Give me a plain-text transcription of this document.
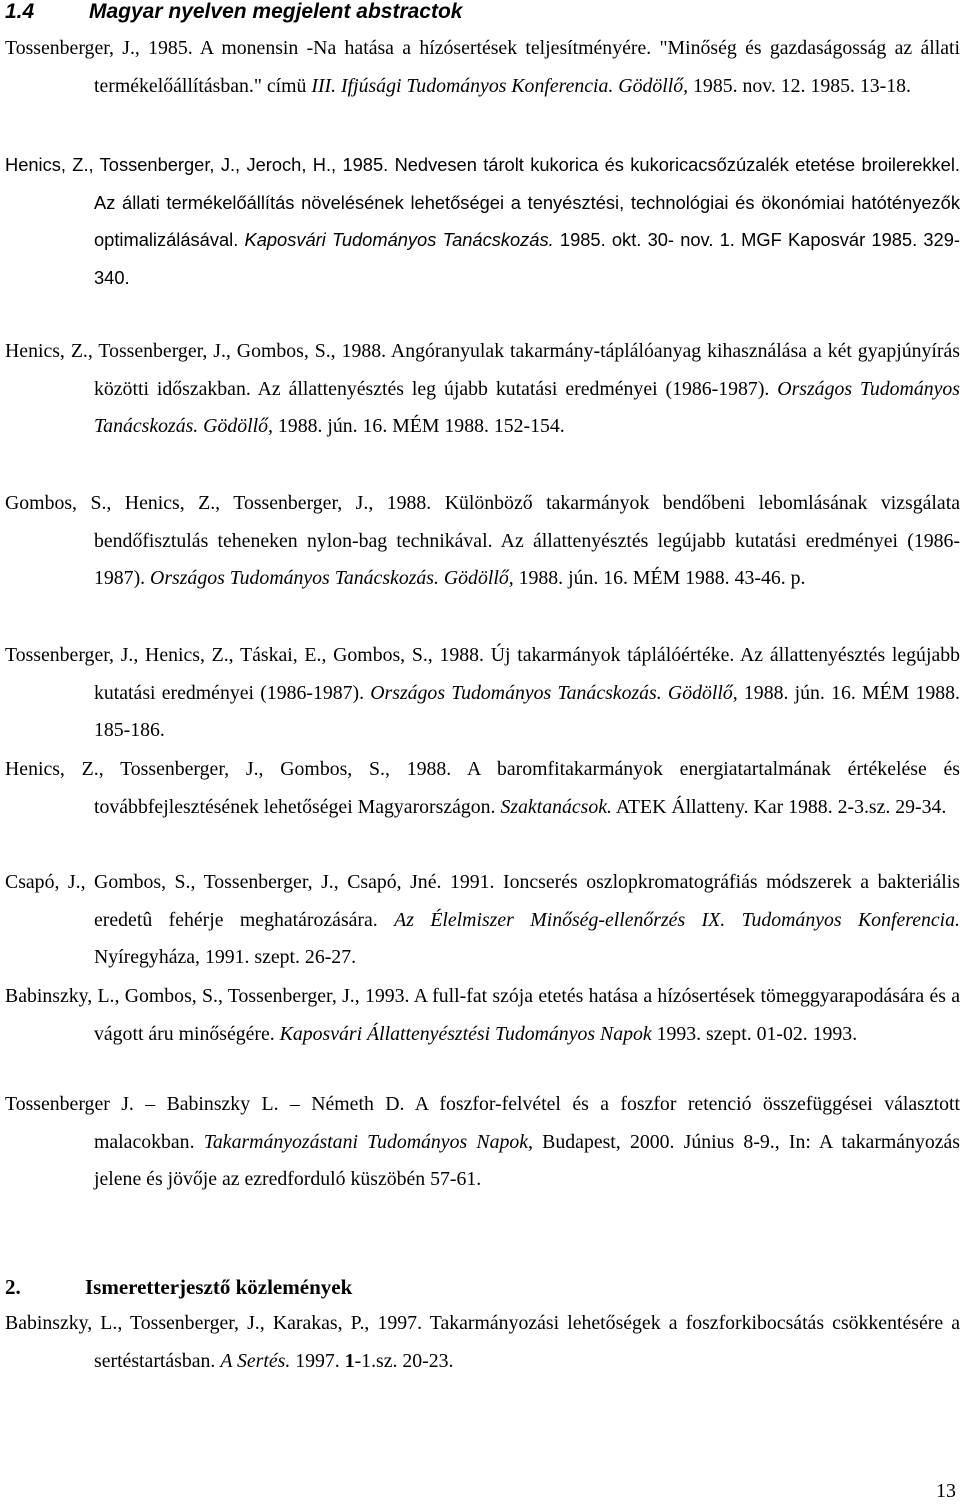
1.4	Magyar nyelven megjelent abstractok
Tossenberger, J., 1985. A monensin -Na hatása a hízósertések teljesítményére. "Minőség és gazdaságosság az állati termékelőállításban." címü III. Ifjúsági Tudományos Konferencia. Gödöllő, 1985. nov. 12. 1985. 13-18.
Henics, Z., Tossenberger, J., Jeroch, H., 1985. Nedvesen tárolt kukorica és kukoricacsőzúzalék etetése broilerekkel. Az állati termékelőállítás növelésének lehetőségei a tenyésztési, technológiai és ökonómiai hatótényezők optimalizálásával. Kaposvári Tudományos Tanácskozás. 1985. okt. 30- nov. 1. MGF Kaposvár 1985. 329-340.
Henics, Z., Tossenberger, J., Gombos, S., 1988. Angóranyulak takarmány-táplálóanyag kihasználása a két gyapjúnyírás közötti időszakban. Az állattenyésztés leg újabb kutatási eredményei (1986-1987). Országos Tudományos Tanácskozás. Gödöllő, 1988. jún. 16. MÉM 1988. 152-154.
Gombos, S., Henics, Z., Tossenberger, J., 1988. Különböző takarmányok bendőbeni lebomlásának vizsgálata bendőfisztulás teheneken nylon-bag technikával. Az állattenyésztés legújabb kutatási eredményei (1986-1987). Országos Tudományos Tanácskozás. Gödöllő, 1988. jún. 16. MÉM 1988. 43-46. p.
Tossenberger, J., Henics, Z., Táskai, E., Gombos, S., 1988. Új takarmányok táplálóértéke. Az állattenyésztés legújabb kutatási eredményei (1986-1987). Országos Tudományos Tanácskozás. Gödöllő, 1988. jún. 16. MÉM 1988. 185-186.
Henics, Z., Tossenberger, J., Gombos, S., 1988. A baromfitakarmányok energiatartalmának értékelése és továbbfejlesztésének lehetőségei Magyarországon. Szaktanácsok. ATEK Állatteny. Kar 1988. 2-3.sz. 29-34.
Csapó, J., Gombos, S., Tossenberger, J., Csapó, Jné. 1991. Ioncserés oszlopkromatográfiás módszerek a bakteriális eredetû fehérje meghatározására. Az Élelmiszer Minőség-ellenőrzés IX. Tudományos Konferencia. Nyíregyháza, 1991. szept. 26-27.
Babinszky, L., Gombos, S., Tossenberger, J., 1993. A full-fat szója etetés hatása a hízósertések tömeggyarapodására és a vágott áru minőségére. Kaposvári Állattenyésztési Tudományos Napok 1993. szept. 01-02. 1993.
Tossenberger J. – Babinszky L. – Németh D. A foszfor-felvétel és a foszfor retenció összefüggései választott malacokban. Takarmányozástani Tudományos Napok, Budapest, 2000. Június 8-9., In: A takarmányozás jelene és jövője az ezredforduló küszöbén 57-61.
2.	Ismeretterjesztő közlemények
Babinszky, L., Tossenberger, J., Karakas, P., 1997. Takarmányozási lehetőségek a foszforkibocsátás csökkentésére a sertéstartásban. A Sertés. 1997. 1-1.sz. 20-23.
13
